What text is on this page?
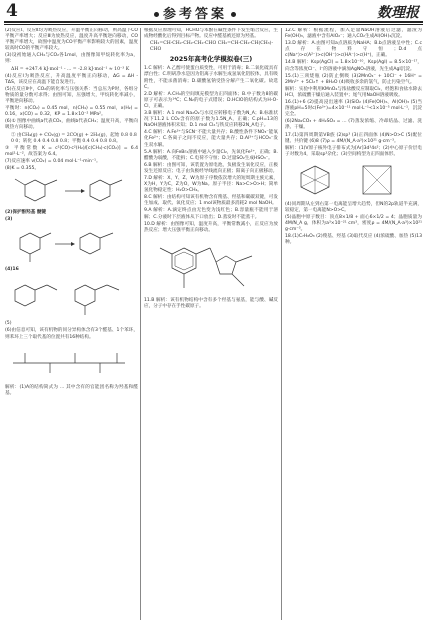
4	参考答案	数理报

(2)反应Ⅰ、反应Ⅱ均为吸热反应，升温平衡正向移动，则高温下CO平衡产率增大；反应Ⅲ为放热反应，温度升高平衡逆向移动，CO平衡产率增大，故图中温度为CO平衡产率影响较大的因素，温度较高时CO的平衡产率较大。

(3)设初始通入CH₄与CO₂各1mol，由图像知甲烷转化率为a，则：

ΔH = +247.4 kJ·mol⁻¹ - ... = -2.8 kJ·mol⁻¹ ≈ 10⁻³ K

(4)反应Ⅰ为吸热反应，升高温度平衡正向移动，ΔG = ΔH - TΔS，该反应在高温下能自发进行。

(5)在反应Ⅱ中，CO₂的转化率与压强关系：当总压为P时，各组分物质的量分数可求得；由图可知，压强增大，甲烷转化率减小，平衡逆向移动。

平衡时：n(CO₂) = 0.45 mol，n(CH₄) = 0.55 mol，x(H₂) = 0.16，x(CO) = 0.32，KP = 1.8×10⁻² MPa²。

(6)① 图像中曲线a代表CO₂，曲线b代表CH₄；温度升高，平衡向吸热方向移动。

② 由CH₄(g) + CO₂(g) = 2CO(g) + 2H₂(g)，起始 0.8 0.8 0 0；转化 0.4 0.4 0.8 0.8；平衡 0.4 0.4 0.8 0.8。

③ 平衡常数 K = c²(CO)·c²(H₂)/[c(CH₄)·c(CO₂)] = 6.4 mol²·L⁻²，故答案为 6.4。

(7)反应速率 v(CO₂) = 0.04 mol·L⁻¹·min⁻¹。

(8)K = 0.355。

(2)保护酚羟基 醚键

(3)

(4)16

(5)

(6)由信息可知，该有机物的同分异构体含有3个醛基、1个苯环，则苯环上三个取代基的位置共有16种结构。

解析：(1)A的结构简式为 ... 其中含有的官能团名称为羟基和醛基。

根据反应原理可知，HCHO与苯酚在碱性条件下发生缩合反应，生成物经酸化后得到目标产物。反应中醛基被还原为羟基。

CH₂=CH-CH₂-CH₂-CH₂-CHO CH₂=CH-CH₂-CH(CH₃)-CHO

2025年高考化学模拟卷(三)

1.C 解析：A.乙醇可使蛋白质变性，可用于消毒；B.二氧化硫具有漂白性；C.明矾净水是因为铝离子水解生成氢氧化铝胶体，具有吸附性，不能杀菌消毒；D.碳酸氢钠受热分解产生二氧化碳。故选C。

2.D 解析：A.CH₄的空间填充模型为正四面体；B.中子数为8的碳原子可表示为¹⁴C；C.N₂的电子式错误；D.HClO的结构式为H-O-Cl，正确。

3.B 解析：A.1 mol Na₂O₂与水反应转移电子数为N_A；B.标准状况下11.2 L CO₂含有的原子数为1.5N_A，正确；C.pH=13的NaOH溶液体积未知；D.1 mol Cl₂与铁反应转移2N_A电子。

4.C 解析：A.Fe³⁺与SCN⁻不能大量共存；B.酸性条件下NO₃⁻能氧化Fe²⁺；C.各离子之间不反应，能大量共存；D.Al³⁺与HCO₃⁻发生双水解。

5.A 解析：A.向FeBr₂溶液中通入少量Cl₂，先氧化Fe²⁺，正确；B.醋酸为弱酸，不能拆；C.电荷不守恒；D.过量SO₂生成HSO₃⁻。

6.B 解析：由图可知，该装置为原电池，负极发生氧化反应，正极发生还原反应；电子由负极经导线流向正极；阳离子向正极移动。

7.D 解析：X、Y、Z、W为原子序数依次增大的短周期主族元素，X为H，Y为C，Z为O，W为Na。原子半径：Na>C>O>H；简单氢化物稳定性：H₂O>CH₄。

8.C 解析：由结构可知该有机物含有羧基、羟基和碳碳双键，可发生加成、取代、氧化反应；1 mol该物质最多消耗2 mol NaOH。

9.A 解析：A.滴定终点由无色变为浅红色；B.容量瓶不能用于溶解；C.分液时下层液体从下口放出；D.蒸发时不能蒸干。

10.D 解析：由图像可知，温度升高，平衡常数减小，正反应为放热反应；增大压强平衡正向移动。

11.B 解析：该有机物结构中含有多个羟基与氨基，能与酸、碱反应，分子中存在手性碳原子。

12.C 解析：根据流程，加入足量NaOH溶液后过滤，滤渣为Fe(OH)₃，滤液中含有AlO₂⁻；通入CO₂生成Al(OH)₃沉淀。

13.D 解析：A.由图可知a点溶质为NaHA；B.b点溶液呈中性；C.c点存在物料守恒；D.d点c(Na⁺)>c(A²⁻)>c(OH⁻)>c(HA⁻)>c(H⁺)，正确。

14.B 解析：Ksp(AgCl) = 1.8×10⁻¹⁰，Ksp(AgI) = 8.5×10⁻¹⁷，向含等浓度Cl⁻、I⁻的溶液中滴加AgNO₃溶液，先生成AgI沉淀。

15.(1)三颈烧瓶 (2)防止倒吸 (3)2MnO₄⁻ + 10Cl⁻ + 16H⁺ = 2Mn²⁺ + 5Cl₂↑ + 8H₂O (4)吸收多余的氯气，防止污染空气。

解析：实验中利用KMnO₄与浓盐酸反应制取Cl₂，经饱和食盐水除去HCl，浓硫酸干燥后通入装置中；尾气用NaOH溶液吸收。

16.(1)+6 (2)提高浸出速率 (3)SiO₂ (4)Fe(OH)₃、Al(OH)₃ (5)当溶液pH=5时c(Fe³⁺)=4×10⁻¹¹ mol·L⁻¹<1×10⁻⁵ mol·L⁻¹，沉淀完全。

(6)2Na₂CO₃ + 4H₂SO₄ = ... (7)蒸发浓缩、冷却结晶、过滤、洗涤、干燥。

17.(1)第四周期第ⅤB族 (2)sp³ (3)正四面体 (4)N>O>C (5)配位键、共价键 (6)8 (7)ρ = 4M/(N_A·a³)×10²¹ g·cm⁻³。

解析：(1)V原子核外电子排布式为[Ar]3d³4s²；(2)中心原子价层电子对数为4，采取sp³杂化；(3)空间构型为正四面体形。

(4)同周期从左到右第一电离能呈增大趋势，但N的2p轨道半充满，较稳定，第一电离能N>O>C。

(5)晶胞中原子数目：顶点8×1/8 + 面心6×1/2 = 4；晶胞质量为4M/N_A g，体积为a³×10⁻²¹ cm³，密度ρ = 4M/(N_A·a³)×10²¹ g·cm⁻³。

18.(1)C₇H₆O₃ (2)羧基、羟基 (3)取代反应 (4)浓硫酸、加热 (5)13种。
